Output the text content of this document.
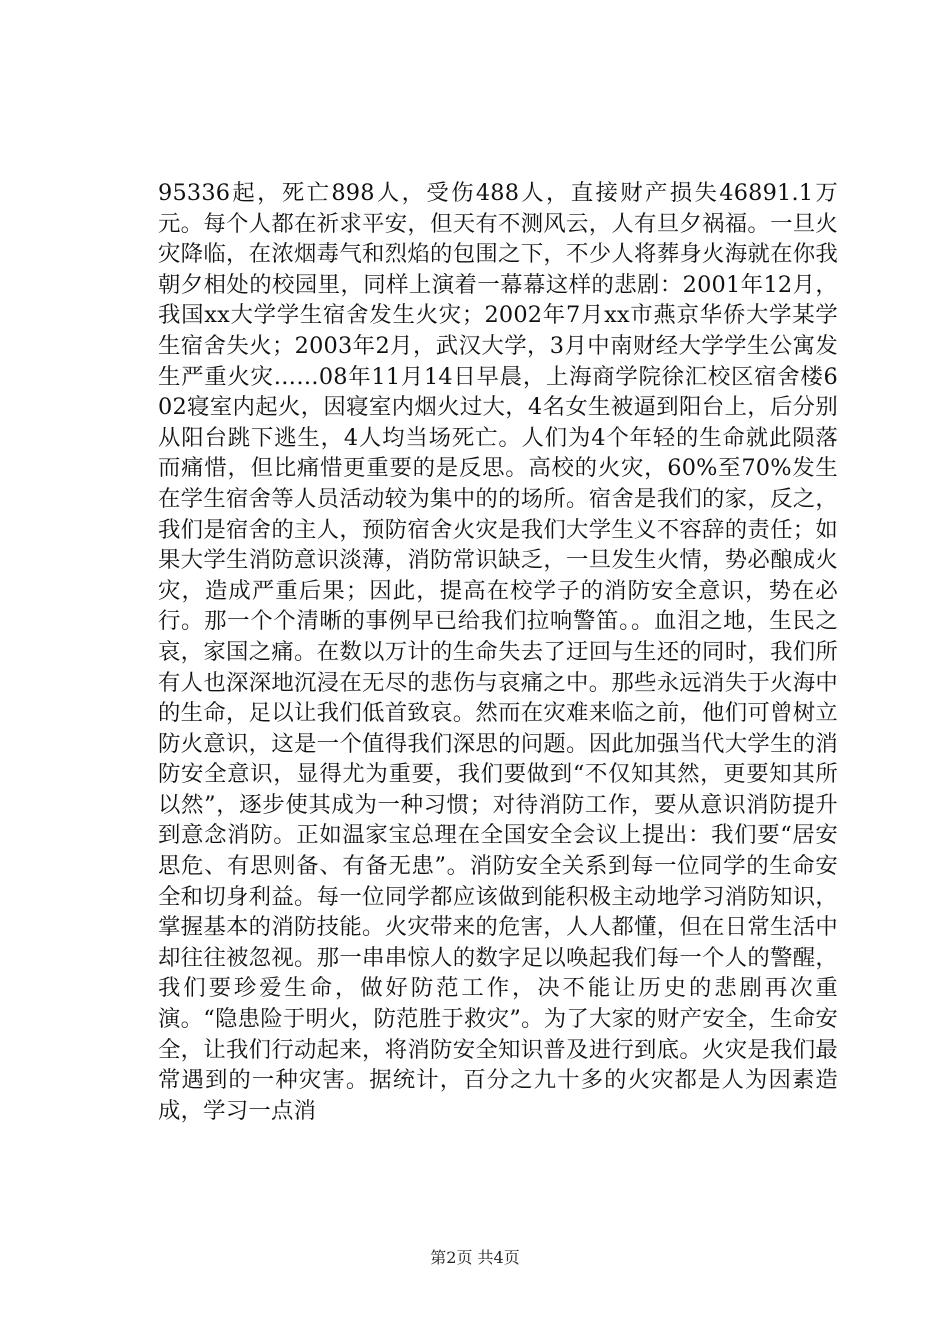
95336起，死亡898人，受伤488人，直接财产损失46891.1万元。每个人都在祈求平安，但天有不测风云，人有旦夕祸福。一旦火灾降临，在浓烟毒气和烈焰的包围之下，不少人将葬身火海就在你我朝夕相处的校园里，同样上演着一幕幕这样的悲剧：2001年12月，我国xx大学学生宿舍发生火灾；2002年7月xx市燕京华侨大学某学生宿舍失火；2003年2月，武汉大学，3月中南财经大学学生公寓发生严重火灾……08年11月14日早晨，上海商学院徐汇校区宿舍楼602寝室内起火，因寝室内烟火过大，4名女生被逼到阳台上，后分别从阳台跳下逃生，4人均当场死亡。人们为4个年轻的生命就此陨落而痛惜，但比痛惜更重要的是反思。高校的火灾，60%至70%发生在学生宿舍等人员活动较为集中的的场所。宿舍是我们的家，反之，我们是宿舍的主人，预防宿舍火灾是我们大学生义不容辞的责任；如果大学生消防意识淡薄，消防常识缺乏，一旦发生火情，势必酿成火灾，造成严重后果；因此，提高在校学子的消防安全意识，势在必行。那一个个清晰的事例早已给我们拉响警笛。。血泪之地，生民之哀，家国之痛。在数以万计的生命失去了迂回与生还的同时，我们所有人也深深地沉浸在无尽的悲伤与哀痛之中。那些永远消失于火海中的生命，足以让我们低首致哀。然而在灾难来临之前，他们可曾树立防火意识，这是一个值得我们深思的问题。因此加强当代大学生的消防安全意识，显得尤为重要，我们要做到“不仅知其然，更要知其所以然”，逐步使其成为一种习惯；对待消防工作，要从意识消防提升到意念消防。正如温家宝总理在全国安全会议上提出：我们要“居安思危、有思则备、有备无患”。消防安全关系到每一位同学的生命安全和切身利益。每一位同学都应该做到能积极主动地学习消防知识，掌握基本的消防技能。火灾带来的危害，人人都懂，但在日常生活中却往往被忽视。那一串串惊人的数字足以唤起我们每一个人的警醒，我们要珍爱生命，做好防范工作，决不能让历史的悲剧再次重演。“隐患险于明火，防范胜于救灾”。为了大家的财产安全，生命安全，让我们行动起来，将消防安全知识普及进行到底。火灾是我们最常遇到的一种灾害。据统计，百分之九十多的火灾都是人为因素造成，学习一点消

第2页 共4页
